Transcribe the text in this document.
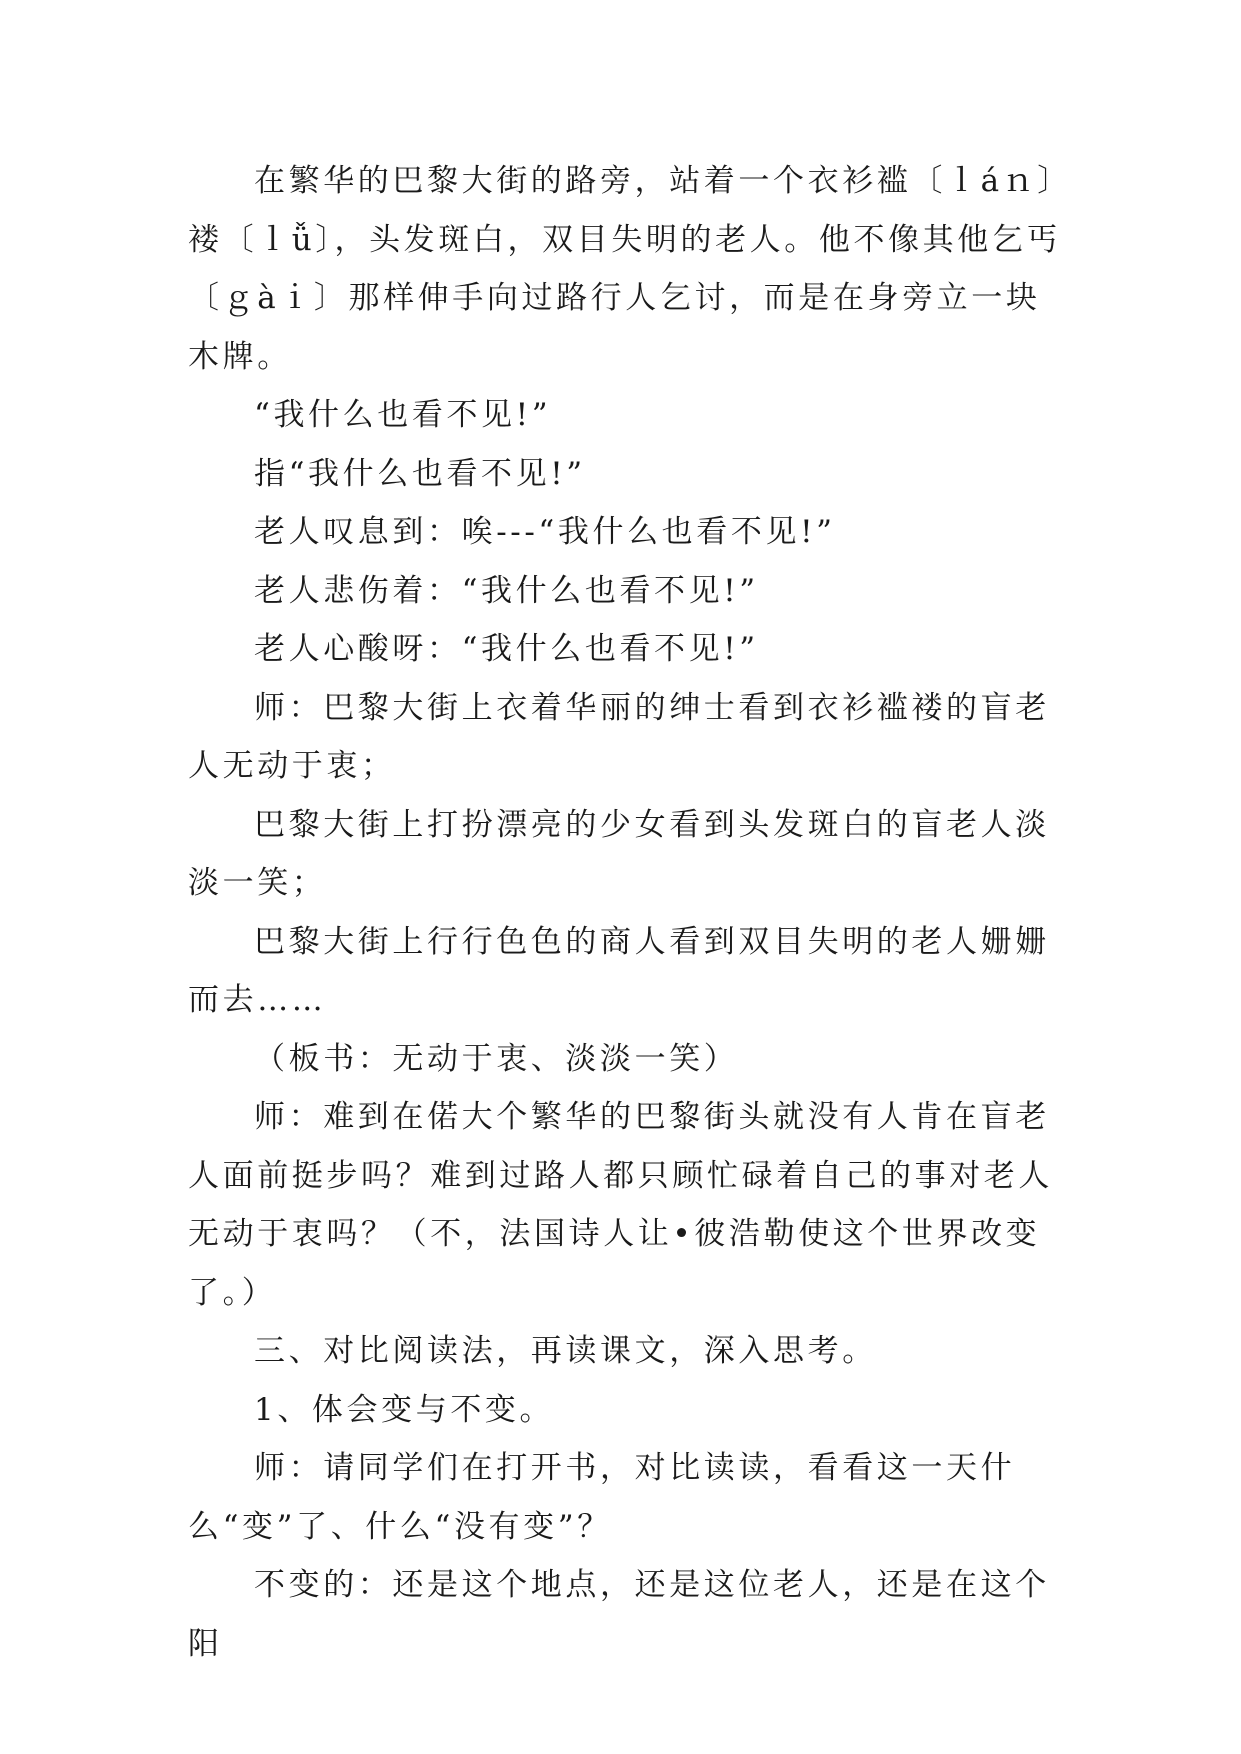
在繁华的巴黎大街的路旁，站着一个衣衫褴〔ｌáｎ〕褛〔ｌǚ〕，头发斑白，双目失明的老人。他不像其他乞丐〔ｇàｉ〕那样伸手向过路行人乞讨，而是在身旁立一块木牌。

“我什么也看不见!”

指“我什么也看不见!”

老人叹息到：唉---“我什么也看不见!”

老人悲伤着：“我什么也看不见!”

老人心酸呀：“我什么也看不见!”

师：巴黎大街上衣着华丽的绅士看到衣衫褴褛的盲老人无动于衷；

巴黎大街上打扮漂亮的少女看到头发斑白的盲老人淡淡一笑；

巴黎大街上行行色色的商人看到双目失明的老人姗姗而去……

（板书：无动于衷、淡淡一笑）

师：难到在偌大个繁华的巴黎街头就没有人肯在盲老人面前挺步吗？难到过路人都只顾忙碌着自己的事对老人无动于衷吗？（不，法国诗人让•彼浩勒使这个世界改变了。）

三、对比阅读法，再读课文，深入思考。

1、体会变与不变。

师：请同学们在打开书，对比读读，看看这一天什么“变”了、什么“没有变”？

不变的：还是这个地点，还是这位老人，还是在这个阳
